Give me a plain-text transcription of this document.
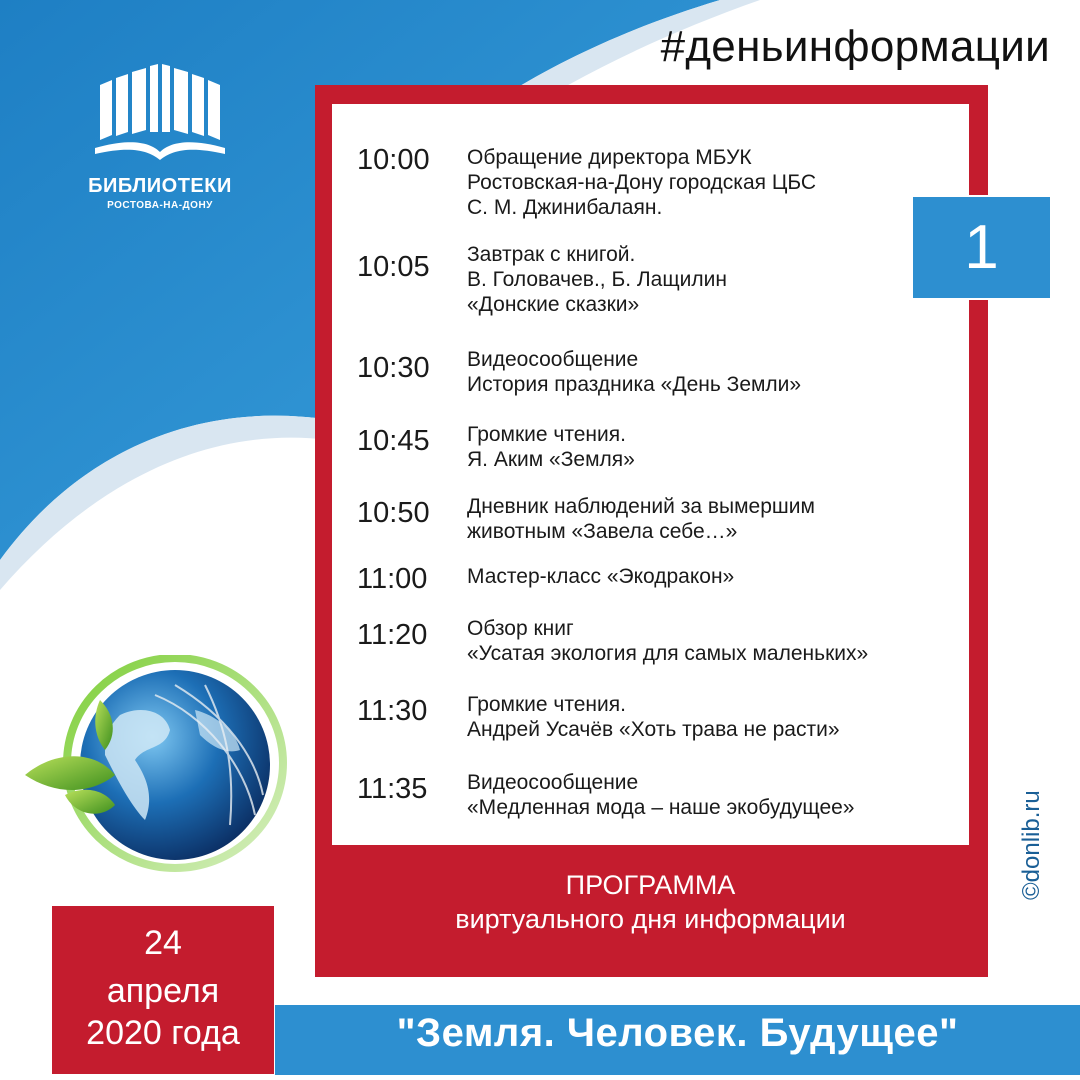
БИБЛИОТЕКИ
РОСТОВА-НА-ДОНУ
#деньинформации
10:00	Обращение директора МБУК
Ростовская-на-Дону городская ЦБС
С. М. Джинибалаян.
10:05	Завтрак с книгой.
В. Головачев., Б. Лащилин
«Донские сказки»
10:30	Видеосообщение
История праздника «День Земли»
10:45	Громкие чтения.
Я. Аким «Земля»
10:50	Дневник наблюдений за вымершим
животным «Завела себе…»
11:00	Мастер-класс «Экодракон»
11:20	Обзор книг
«Усатая экология для самых маленьких»
11:30	Громкие чтения.
Андрей Усачёв «Хоть трава не расти»
11:35	Видеосообщение
«Медленная мода – наше экобудущее»
1
ПРОГРАММА
виртуального дня информации
©donlib.ru
24
апреля
2020 года	"Земля. Человек. Будущее"
